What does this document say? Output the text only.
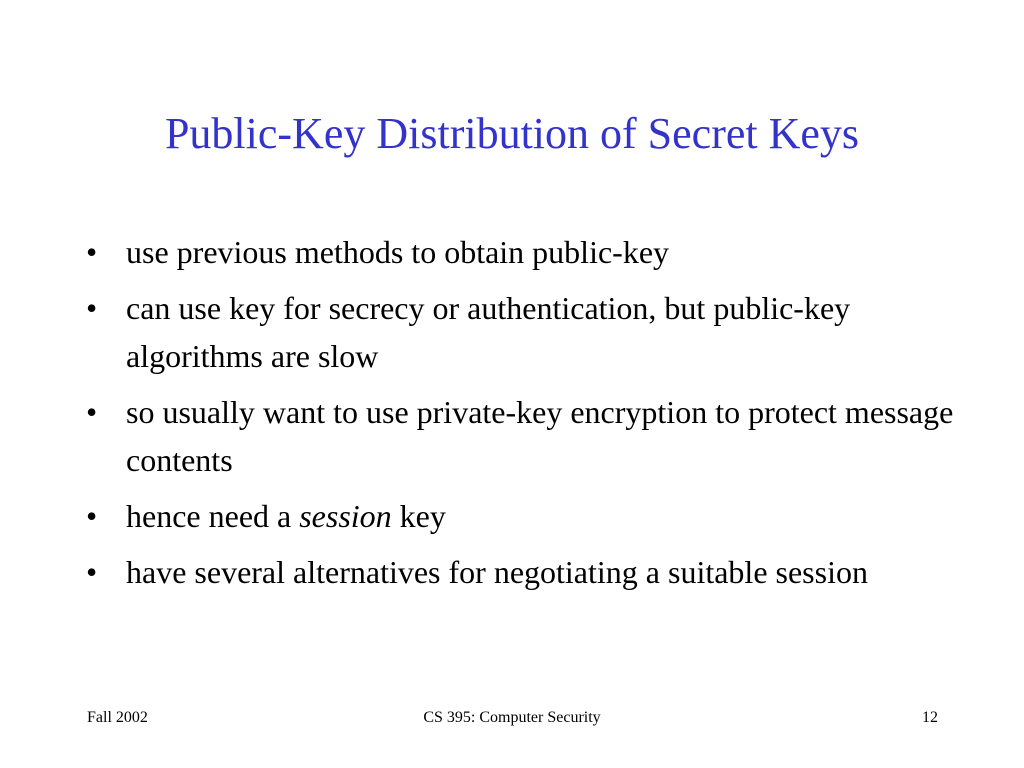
Public-Key Distribution of Secret Keys
• use previous methods to obtain public-key
• can use key for secrecy or authentication, but public-key algorithms are slow
• so usually want to use private-key encryption to protect message contents
• hence need a session key
• have several alternatives for negotiating a suitable session
Fall 2002	CS 395: Computer Security	12
